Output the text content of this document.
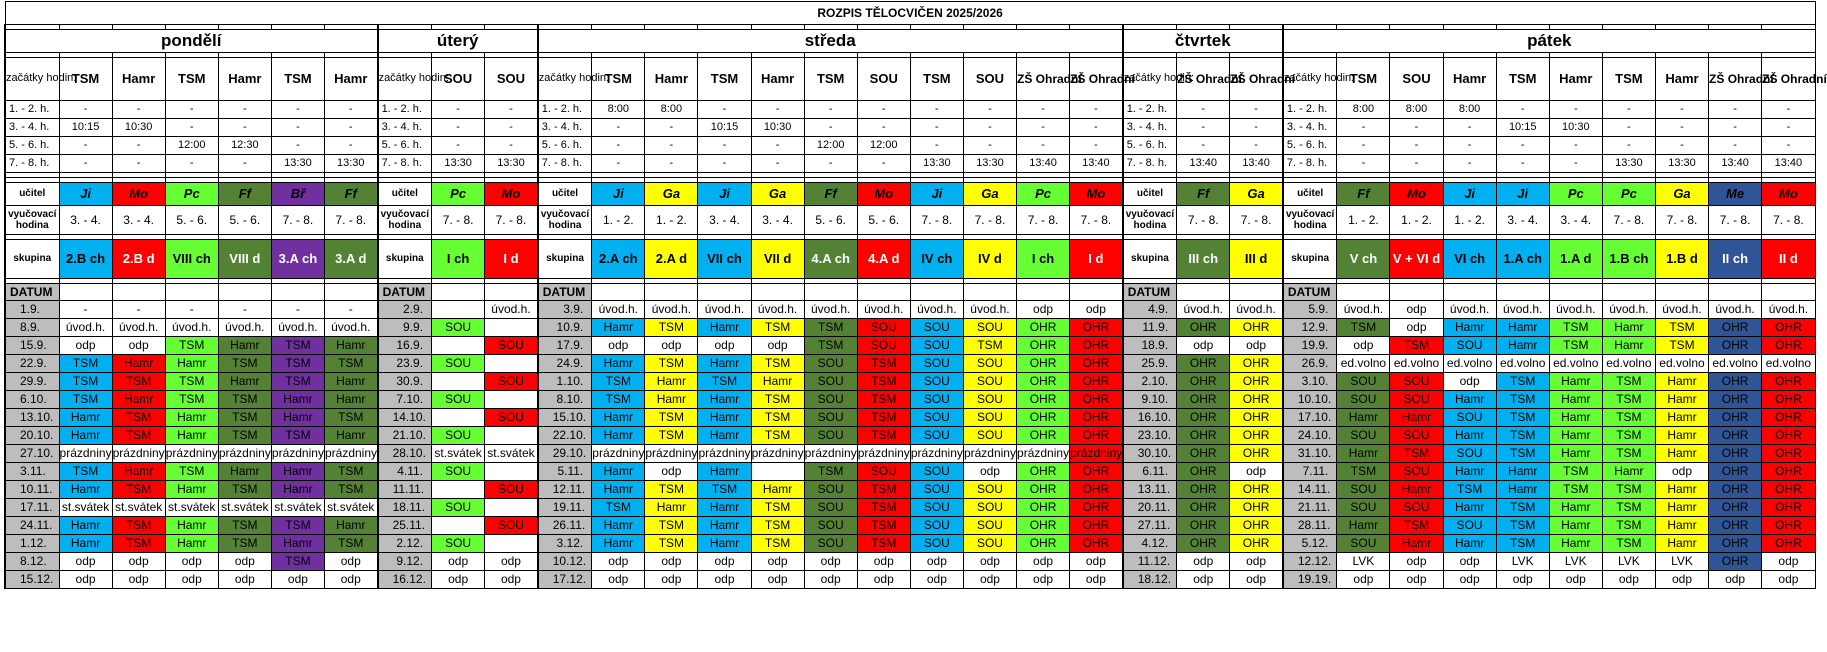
ROZPIS TĚLOCVIČEN 2025/2026																																	

pondělí							úterý			středa											čtvrtek			pátek									

začátky hodin:	TSM	Hamr	TSM	Hamr	TSM	Hamr	začátky hodin:	SOU	SOU	začátky hodin:	TSM	Hamr	TSM	Hamr	TSM	SOU	TSM	SOU	ZŠ Ohradní	ZŠ Ohradní	začátky hodin:	ZŠ Ohradní	ZŠ Ohradní	začátky hodin:	TSM	SOU	Hamr	TSM	Hamr	TSM	Hamr	ZŠ Ohradní	ZŠ Ohradní
1. - 2. h.	-	-	-	-	-	-	1. - 2. h.	-	-	1. - 2. h.	8:00	8:00	-	-	-	-	-	-	-	-	1. - 2. h.	-	-	1. - 2. h.	8:00	8:00	8:00	-	-	-	-	-	-
3. - 4. h.	10:15	10:30	-	-	-	-	3. - 4. h.	-	-	3. - 4. h.	-	-	10:15	10:30	-	-	-	-	-	-	3. - 4. h.	-	-	3. - 4. h.	-	-	-	10:15	10:30	-	-	-	-
5. - 6. h.	-	-	12:00	12:30	-	-	5. - 6. h.	-	-	5. - 6. h.	-	-	-	-	12:00	12:00	-	-	-	-	5. - 6. h.	-	-	5. - 6. h.	-	-	-	-	-	-	-	-	-
7. - 8. h.	-	-	-	-	13:30	13:30	7. - 8. h.	13:30	13:30	7. - 8. h.	-	-	-	-	-	-	13:30	13:30	13:40	13:40	7. - 8. h.	13:40	13:40	7. - 8. h.	-	-	-	-	-	13:30	13:30	13:40	13:40

učitel	Ji	Mo	Pc	Ff	Bř	Ff	učitel	Pc	Mo	učitel	Ji	Ga	Ji	Ga	Ff	Mo	Ji	Ga	Pc	Mo	učitel	Ff	Ga	učitel	Ff	Mo	Ji	Ji	Pc	Pc	Ga	Me	Mo
vyučovací hodina	3. - 4.	3. - 4.	5. - 6.	5. - 6.	7. - 8.	7. - 8.	vyučovací hodina	7. - 8.	7. - 8.	vyučovací hodina	1. - 2.	1. - 2.	3. - 4.	3. - 4.	5. - 6.	5. - 6.	7. - 8.	7. - 8.	7. - 8.	7. - 8.	vyučovací hodina	7. - 8.	7. - 8.	vyučovací hodina	1. - 2.	1. - 2.	1. - 2.	3. - 4.	3. - 4.	7. - 8.	7. - 8.	7. - 8.	7. - 8.

skupina	2.B ch	2.B d	VIII ch	VIII d	3.A ch	3.A d	skupina	I ch	I d	skupina	2.A ch	2.A d	VII ch	VII d	4.A ch	4.A d	IV ch	IV d	I ch	I d	skupina	III ch	III d	skupina	V ch	V + VI d	VI ch	1.A ch	1.A d	1.B ch	1.B d	II ch	II d

DATUM							DATUM			DATUM											DATUM			DATUM									
1.9.	-	-	-	-	-	-	2.9.		úvod.h.	3.9.	úvod.h.	úvod.h.	úvod.h.	úvod.h.	úvod.h.	úvod.h.	úvod.h.	úvod.h.	odp	odp	4.9.	úvod.h.	úvod.h.	5.9.	úvod.h.	odp	úvod.h.	úvod.h.	úvod.h.	úvod.h.	úvod.h.	úvod.h.	úvod.h.
8.9.	úvod.h.	úvod.h.	úvod.h.	úvod.h.	úvod.h.	úvod.h.	9.9.	SOU		10.9.	Hamr	TSM	Hamr	TSM	TSM	SOU	SOU	SOU	OHR	OHR	11.9.	OHR	OHR	12.9.	TSM	odp	Hamr	Hamr	TSM	Hamr	TSM	OHR	OHR
15.9.	odp	odp	TSM	Hamr	TSM	Hamr	16.9.		SOU	17.9.	odp	odp	odp	odp	TSM	SOU	SOU	TSM	OHR	OHR	18.9.	odp	odp	19.9.	odp	TSM	SOU	Hamr	TSM	Hamr	TSM	OHR	OHR
22.9.	TSM	Hamr	Hamr	TSM	TSM	TSM	23.9.	SOU		24.9.	Hamr	TSM	Hamr	TSM	SOU	TSM	SOU	SOU	OHR	OHR	25.9.	OHR	OHR	26.9.	ed.volno	ed.volno	ed.volno	ed.volno	ed.volno	ed.volno	ed.volno	ed.volno	ed.volno
29.9.	TSM	TSM	TSM	Hamr	TSM	Hamr	30.9.		SOU	1.10.	TSM	Hamr	TSM	Hamr	SOU	TSM	SOU	SOU	OHR	OHR	2.10.	OHR	OHR	3.10.	SOU	SOU	odp	TSM	Hamr	TSM	Hamr	OHR	OHR
6.10.	TSM	Hamr	TSM	TSM	Hamr	Hamr	7.10.	SOU		8.10.	TSM	Hamr	Hamr	TSM	SOU	TSM	SOU	SOU	OHR	OHR	9.10.	OHR	OHR	10.10.	SOU	SOU	Hamr	TSM	Hamr	TSM	Hamr	OHR	OHR
13.10.	Hamr	TSM	Hamr	TSM	Hamr	TSM	14.10.		SOU	15.10.	Hamr	TSM	Hamr	TSM	SOU	TSM	SOU	SOU	OHR	OHR	16.10.	OHR	OHR	17.10.	Hamr	Hamr	SOU	TSM	Hamr	TSM	Hamr	OHR	OHR
20.10.	Hamr	TSM	Hamr	TSM	TSM	Hamr	21.10.	SOU		22.10.	Hamr	TSM	Hamr	TSM	SOU	TSM	SOU	SOU	OHR	OHR	23.10.	OHR	OHR	24.10.	SOU	SOU	Hamr	TSM	Hamr	TSM	Hamr	OHR	OHR
27.10.	prázdniny	prázdniny	prázdniny	prázdniny	prázdniny	prázdniny	28.10.	st.svátek	st.svátek	29.10.	prázdniny	prázdniny	prázdniny	prázdniny	prázdniny	prázdniny	prázdniny	prázdniny	prázdniny	prázdniny	30.10.	OHR	OHR	31.10.	Hamr	TSM	SOU	TSM	Hamr	TSM	Hamr	OHR	OHR
3.11.	TSM	Hamr	TSM	Hamr	Hamr	TSM	4.11.	SOU		5.11.	Hamr	odp	Hamr		TSM	SOU	SOU	odp	OHR	OHR	6.11.	OHR	odp	7.11.	TSM	SOU	Hamr	Hamr	TSM	Hamr	odp	OHR	OHR
10.11.	Hamr	TSM	Hamr	TSM	Hamr	TSM	11.11.		SOU	12.11.	Hamr	TSM	TSM	Hamr	SOU	TSM	SOU	SOU	OHR	OHR	13.11.	OHR	OHR	14.11.	SOU	Hamr	TSM	Hamr	TSM	TSM	Hamr	OHR	OHR
17.11.	st.svátek	st.svátek	st.svátek	st.svátek	st.svátek	st.svátek	18.11.	SOU		19.11.	TSM	Hamr	Hamr	TSM	SOU	TSM	SOU	SOU	OHR	OHR	20.11.	OHR	OHR	21.11.	SOU	SOU	Hamr	TSM	Hamr	TSM	Hamr	OHR	OHR
24.11.	Hamr	TSM	Hamr	TSM	TSM	Hamr	25.11.		SOU	26.11.	Hamr	TSM	Hamr	TSM	SOU	TSM	SOU	SOU	OHR	OHR	27.11.	OHR	OHR	28.11.	Hamr	TSM	SOU	TSM	Hamr	TSM	Hamr	OHR	OHR
1.12.	Hamr	TSM	Hamr	TSM	Hamr	TSM	2.12.	SOU		3.12.	Hamr	TSM	Hamr	TSM	SOU	TSM	SOU	SOU	OHR	OHR	4.12.	OHR	OHR	5.12.	SOU	Hamr	Hamr	TSM	Hamr	TSM	Hamr	OHR	OHR
8.12.	odp	odp	odp	odp	TSM	odp	9.12.	odp	odp	10.12.	odp	odp	odp	odp	odp	odp	odp	odp	odp	odp	11.12.	odp	odp	12.12.	LVK	odp	odp	LVK	LVK	LVK	LVK	OHR	odp
15.12.	odp	odp	odp	odp	odp	odp	16.12.	odp	odp	17.12.	odp	odp	odp	odp	odp	odp	odp	odp	odp	odp	18.12.	odp	odp	19.19.	odp	odp	odp	odp	odp	odp	odp	odp	odp
